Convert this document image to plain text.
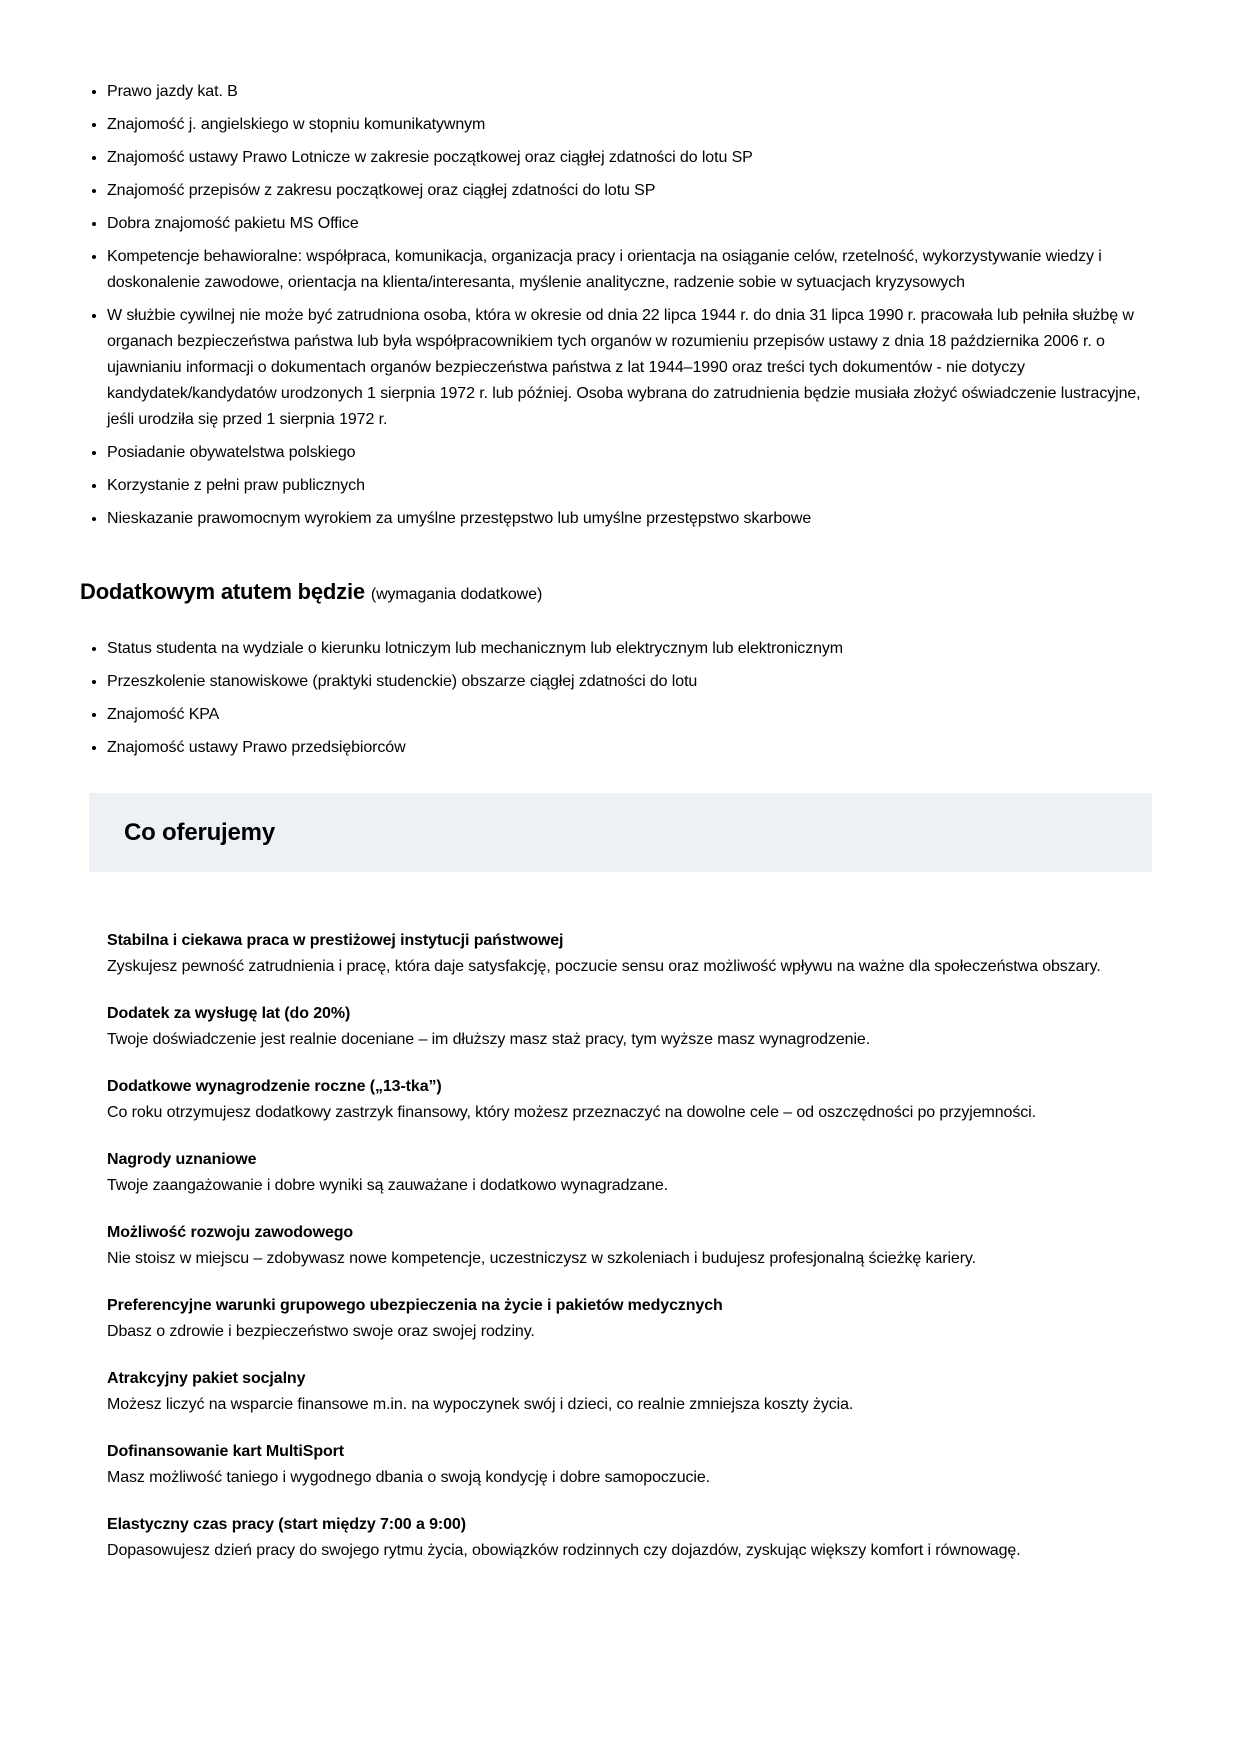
• Prawo jazdy kat. B
• Znajomość j. angielskiego w stopniu komunikatywnym
• Znajomość ustawy Prawo Lotnicze w zakresie początkowej oraz ciągłej zdatności do lotu SP
• Znajomość przepisów z zakresu początkowej oraz ciągłej zdatności do lotu SP
• Dobra znajomość pakietu MS Office
• Kompetencje behawioralne: współpraca, komunikacja, organizacja pracy i orientacja na osiąganie celów, rzetelność, wykorzystywanie wiedzy i doskonalenie zawodowe, orientacja na klienta/interesanta, myślenie analityczne, radzenie sobie w sytuacjach kryzysowych
• W służbie cywilnej nie może być zatrudniona osoba, która w okresie od dnia 22 lipca 1944 r. do dnia 31 lipca 1990 r. pracowała lub pełniła służbę w organach bezpieczeństwa państwa lub była współpracownikiem tych organów w rozumieniu przepisów ustawy z dnia 18 października 2006 r. o ujawnianiu informacji o dokumentach organów bezpieczeństwa państwa z lat 1944–1990 oraz treści tych dokumentów - nie dotyczy kandydatek/kandydatów urodzonych 1 sierpnia 1972 r. lub później. Osoba wybrana do zatrudnienia będzie musiała złożyć oświadczenie lustracyjne, jeśli urodziła się przed 1 sierpnia 1972 r.
• Posiadanie obywatelstwa polskiego
• Korzystanie z pełni praw publicznych
• Nieskazanie prawomocnym wyrokiem za umyślne przestępstwo lub umyślne przestępstwo skarbowe
Dodatkowym atutem będzie (wymagania dodatkowe)
• Status studenta na wydziale o kierunku lotniczym lub mechanicznym lub elektrycznym lub elektronicznym
• Przeszkolenie stanowiskowe (praktyki studenckie) obszarze ciągłej zdatności do lotu
• Znajomość KPA
• Znajomość ustawy Prawo przedsiębiorców
Co oferujemy

Stabilna i ciekawa praca w prestiżowej instytucji państwowej

Zyskujesz pewność zatrudnienia i pracę, która daje satysfakcję, poczucie sensu oraz możliwość wpływu na ważne dla społeczeństwa obszary.

Dodatek za wysługę lat (do 20%)

Twoje doświadczenie jest realnie doceniane – im dłuższy masz staż pracy, tym wyższe masz wynagrodzenie.

Dodatkowe wynagrodzenie roczne („13-tka”)

Co roku otrzymujesz dodatkowy zastrzyk finansowy, który możesz przeznaczyć na dowolne cele – od oszczędności po przyjemności.

Nagrody uznaniowe

Twoje zaangażowanie i dobre wyniki są zauważane i dodatkowo wynagradzane.

Możliwość rozwoju zawodowego

Nie stoisz w miejscu – zdobywasz nowe kompetencje, uczestniczysz w szkoleniach i budujesz profesjonalną ścieżkę kariery.

Preferencyjne warunki grupowego ubezpieczenia na życie i pakietów medycznych

Dbasz o zdrowie i bezpieczeństwo swoje oraz swojej rodziny.

Atrakcyjny pakiet socjalny

Możesz liczyć na wsparcie finansowe m.in. na wypoczynek swój i dzieci, co realnie zmniejsza koszty życia.

Dofinansowanie kart MultiSport

Masz możliwość taniego i wygodnego dbania o swoją kondycję i dobre samopoczucie.

Elastyczny czas pracy (start między 7:00 a 9:00)

Dopasowujesz dzień pracy do swojego rytmu życia, obowiązków rodzinnych czy dojazdów, zyskując większy komfort i równowagę.
